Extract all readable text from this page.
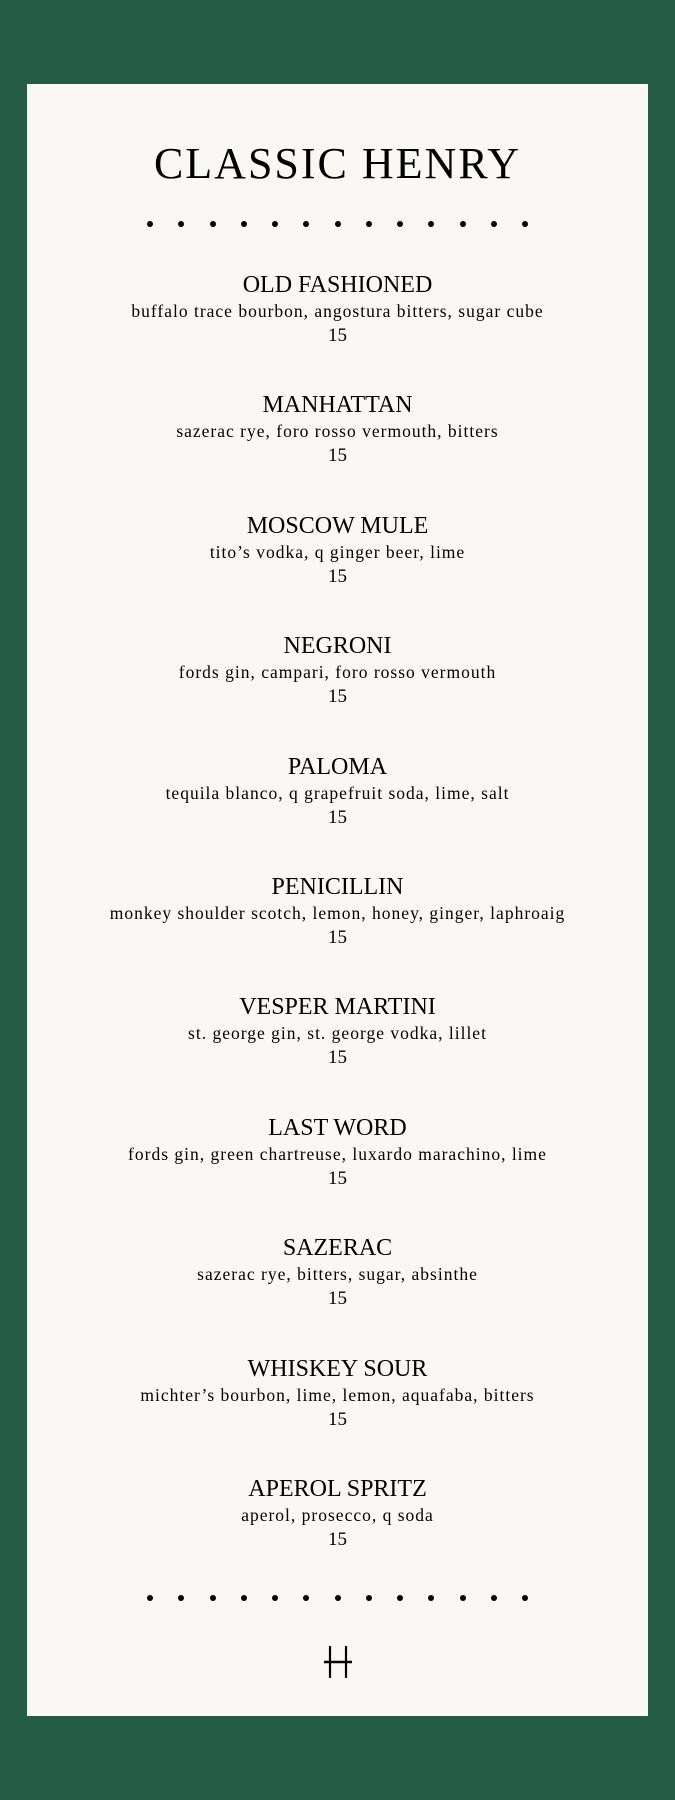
CLASSIC HENRY
OLD FASHIONED
buffalo trace bourbon, angostura bitters, sugar cube
15
MANHATTAN
sazerac rye, foro rosso vermouth, bitters
15
MOSCOW MULE
tito’s vodka, q ginger beer, lime
15
NEGRONI
fords gin, campari, foro rosso vermouth
15
PALOMA
tequila blanco, q grapefruit soda, lime, salt
15
PENICILLIN
monkey shoulder scotch, lemon, honey, ginger, laphroaig
15
VESPER MARTINI
st. george gin, st. george vodka, lillet
15
LAST WORD
fords gin, green chartreuse, luxardo marachino, lime
15
SAZERAC
sazerac rye, bitters, sugar, absinthe
15
WHISKEY SOUR
michter’s bourbon, lime, lemon, aquafaba, bitters
15
APEROL SPRITZ
aperol, prosecco, q soda
15
